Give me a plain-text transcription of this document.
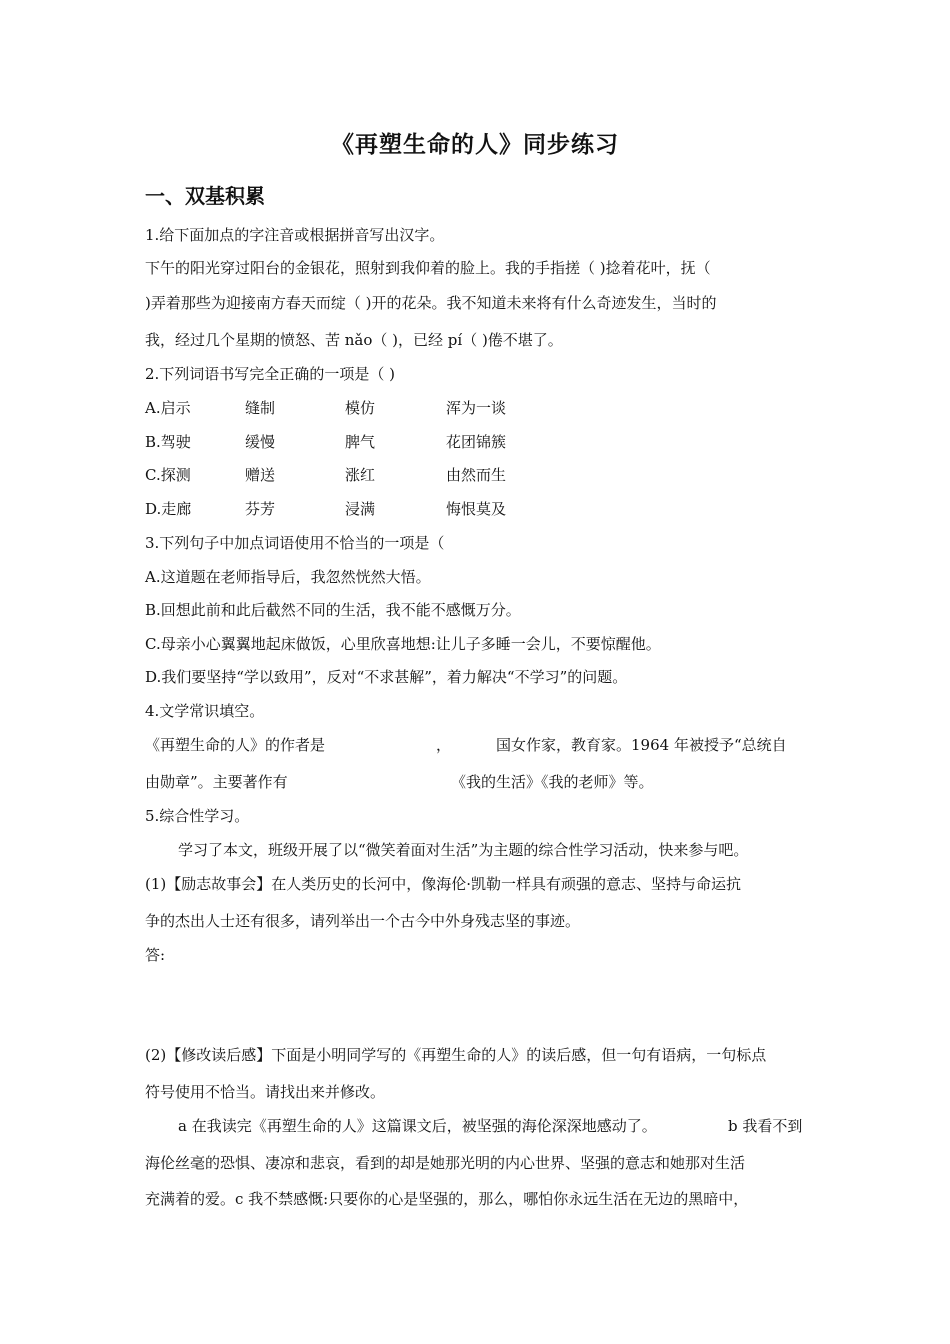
《再塑生命的人》同步练习
一、双基积累
1.给下面加点的字注音或根据拼音写出汉字。
下午的阳光穿过阳台的金银花，照射到我仰着的脸上。我的手指搓（ )捻着花叶，抚（
)弄着那些为迎接南方春天而绽（ )开的花朵。我不知道未来将有什么奇迹发生，当时的
我，经过几个星期的愤怒、苦 nǎo（ )，已经 pí（ )倦不堪了。
2.下列词语书写完全正确的一项是（ )
A.启示	缝制	模仿	浑为一谈
B.驾驶	缓慢	脾气	花团锦簇
C.探测	赠送	涨红	由然而生
D.走廊	芬芳	浸满	悔恨莫及
3.下列句子中加点词语使用不恰当的一项是（
A.这道题在老师指导后，我忽然恍然大悟。
B.回想此前和此后截然不同的生活，我不能不感慨万分。
C.母亲小心翼翼地起床做饭，心里欣喜地想:让儿子多睡一会儿，不要惊醒他。
D.我们要坚持“学以致用”，反对“不求甚解”，着力解决“不学习”的问题。
4.文学常识填空。
《再塑生命的人》的作者是	，	国女作家，教育家。1964 年被授予“总统自
由勋章”。主要著作有	《我的生活》《我的老师》等。
5.综合性学习。
学习了本文，班级开展了以“微笑着面对生活”为主题的综合性学习活动，快来参与吧。
(1)【励志故事会】在人类历史的长河中，像海伦·凯勒一样具有顽强的意志、坚持与命运抗
争的杰出人士还有很多，请列举出一个古今中外身残志坚的事迹。
答:
(2)【修改读后感】下面是小明同学写的《再塑生命的人》的读后感，但一句有语病，一句标点
符号使用不恰当。请找出来并修改。
a 在我读完《再塑生命的人》这篇课文后，被坚强的海伦深深地感动了。	b 我看不到
海伦丝毫的恐惧、凄凉和悲哀，看到的却是她那光明的内心世界、坚强的意志和她那对生活
充满着的爱。c 我不禁感慨:只要你的心是坚强的，那么，哪怕你永远生活在无边的黑暗中，
